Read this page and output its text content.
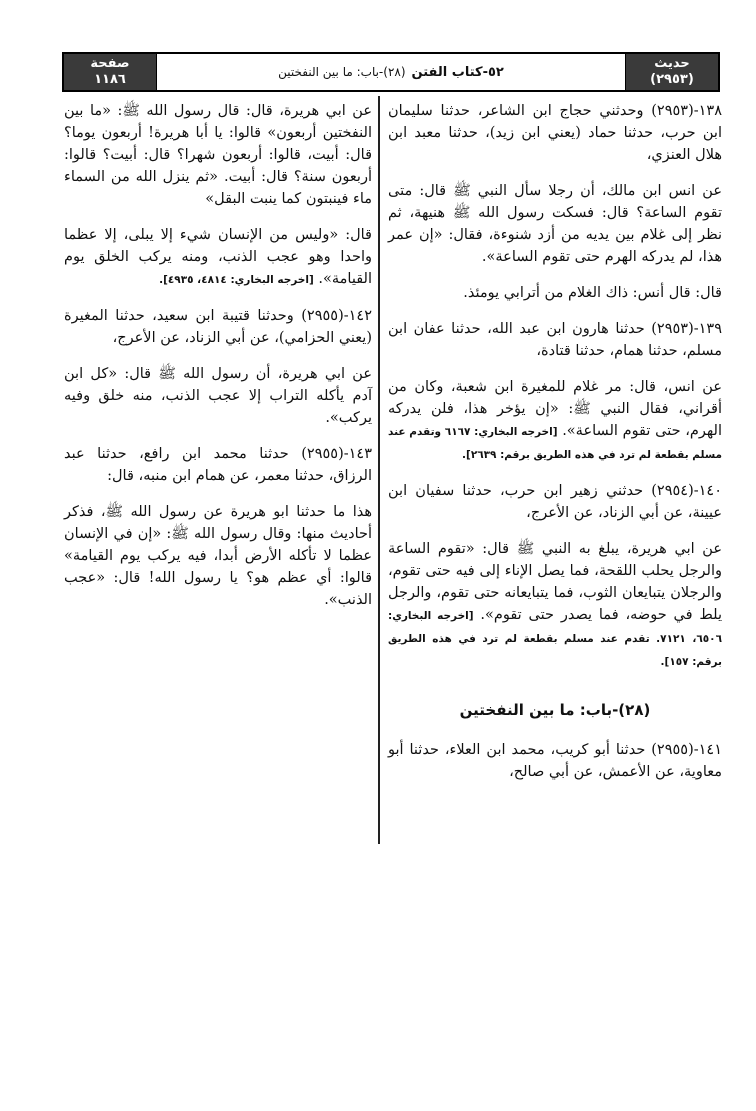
حديث
(٢٩٥٣)
٥٢-كتاب الفتن
(٢٨)-باب: ما بين النفختين
صفحة
١١٨٦

١٣٨-(٢٩٥٣) وحدثني حجاج ابن الشاعر، حدثنا سليمان ابن حرب، حدثنا حماد (يعني ابن زيد)، حدثنا معبد ابن هلال العنزي،

عن انس ابن مالك، أن رجلا سأل النبي ﷺ قال: متى تقوم الساعة؟ قال: فسكت رسول الله ﷺ هنيهة، ثم نظر إلى غلام بين يديه من أزد شنوءة، فقال: «إن عمر هذا، لم يدركه الهرم حتى تقوم الساعة».

قال: قال أنس: ذاك الغلام من أترابي يومئذ.

١٣٩-(٢٩٥٣) حدثنا هارون ابن عبد الله، حدثنا عفان ابن مسلم، حدثنا همام، حدثنا قتادة،

عن انس، قال: مر غلام للمغيرة ابن شعبة، وكان من أقراني، فقال النبي ﷺ: «إن يؤخر هذا، فلن يدركه الهرم، حتى تقوم الساعة». [اخرجه البخاري: ٦١٦٧ وتقدم عند مسلم بقطعة لم ترد في هذه الطريق برقم: ٢٦٣٩].

١٤٠-(٢٩٥٤) حدثني زهير ابن حرب، حدثنا سفيان ابن عيينة، عن أبي الزناد، عن الأعرج،

عن ابي هريرة، يبلغ به النبي ﷺ قال: «تقوم الساعة والرجل يحلب اللقحة، فما يصل الإناء إلى فيه حتى تقوم، والرجلان يتبايعان الثوب، فما يتبايعانه حتى تقوم، والرجل يلط في حوضه، فما يصدر حتى تقوم». [اخرجه البخاري: ٦٥٠٦، ٧١٢١. تقدم عند مسلم بقطعة لم ترد في هذه الطريق برقم: ١٥٧].

(٢٨)-باب: ما بين النفختين

١٤١-(٢٩٥٥) حدثنا أبو كريب، محمد ابن العلاء، حدثنا أبو معاوية، عن الأعمش، عن أبي صالح،

عن ابي هريرة، قال: قال رسول الله ﷺ: «ما بين النفختين أربعون» قالوا: يا أبا هريرة! أربعون يوما؟ قال: أبيت، قالوا: أربعون شهرا؟ قال: أبيت؟ قالوا: أربعون سنة؟ قال: أبيت. «ثم ينزل الله من السماء ماء فينبتون كما ينبت البقل»

قال: «وليس من الإنسان شيء إلا يبلى، إلا عظما واحدا وهو عجب الذنب، ومنه يركب الخلق يوم القيامة». [اخرجه البخاري: ٤٨١٤، ٤٩٣٥].

١٤٢-(٢٩٥٥) وحدثنا قتيبة ابن سعيد، حدثنا المغيرة (يعني الحزامي)، عن أبي الزناد، عن الأعرج،

عن ابي هريرة، أن رسول الله ﷺ قال: «كل ابن آدم يأكله التراب إلا عجب الذنب، منه خلق وفيه يركب».

١٤٣-(٢٩٥٥) حدثنا محمد ابن رافع، حدثنا عبد الرزاق، حدثنا معمر، عن همام ابن منبه، قال:

هذا ما حدثنا ابو هريرة عن رسول الله ﷺ، فذكر أحاديث منها: وقال رسول الله ﷺ: «إن في الإنسان عظما لا تأكله الأرض أبدا، فيه يركب يوم القيامة» قالوا: أي عظم هو؟ يا رسول الله! قال: «عجب الذنب».
